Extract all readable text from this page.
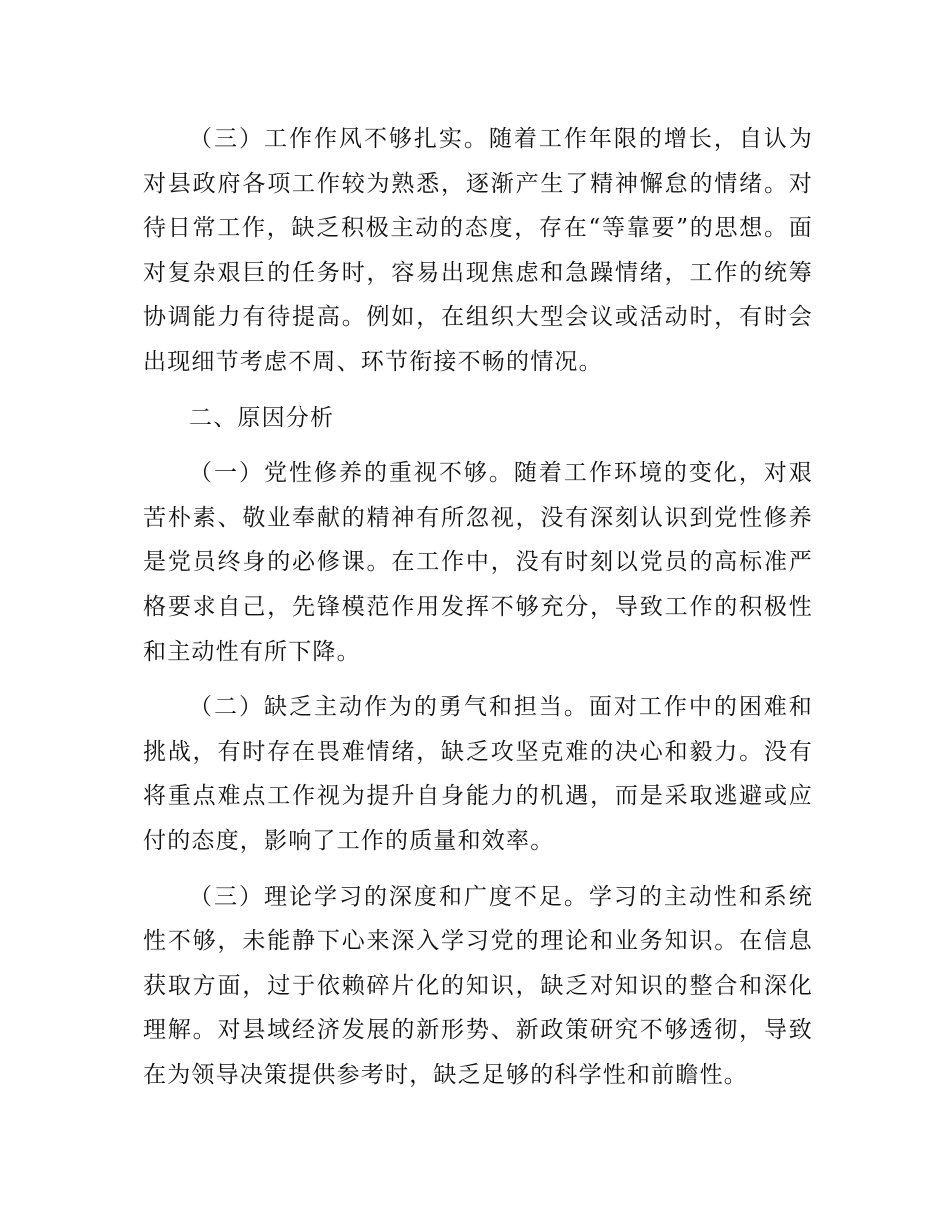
（三）工作作风不够扎实。随着工作年限的增长，自认为对县政府各项工作较为熟悉，逐渐产生了精神懈怠的情绪。对待日常工作，缺乏积极主动的态度，存在“等靠要”的思想。面对复杂艰巨的任务时，容易出现焦虑和急躁情绪，工作的统筹协调能力有待提高。例如，在组织大型会议或活动时，有时会出现细节考虑不周、环节衔接不畅的情况。

二、原因分析

（一）党性修养的重视不够。随着工作环境的变化，对艰苦朴素、敬业奉献的精神有所忽视，没有深刻认识到党性修养是党员终身的必修课。在工作中，没有时刻以党员的高标准严格要求自己，先锋模范作用发挥不够充分，导致工作的积极性和主动性有所下降。

（二）缺乏主动作为的勇气和担当。面对工作中的困难和挑战，有时存在畏难情绪，缺乏攻坚克难的决心和毅力。没有将重点难点工作视为提升自身能力的机遇，而是采取逃避或应付的态度，影响了工作的质量和效率。

（三）理论学习的深度和广度不足。学习的主动性和系统性不够，未能静下心来深入学习党的理论和业务知识。在信息获取方面，过于依赖碎片化的知识，缺乏对知识的整合和深化理解。对县域经济发展的新形势、新政策研究不够透彻，导致在为领导决策提供参考时，缺乏足够的科学性和前瞻性。
